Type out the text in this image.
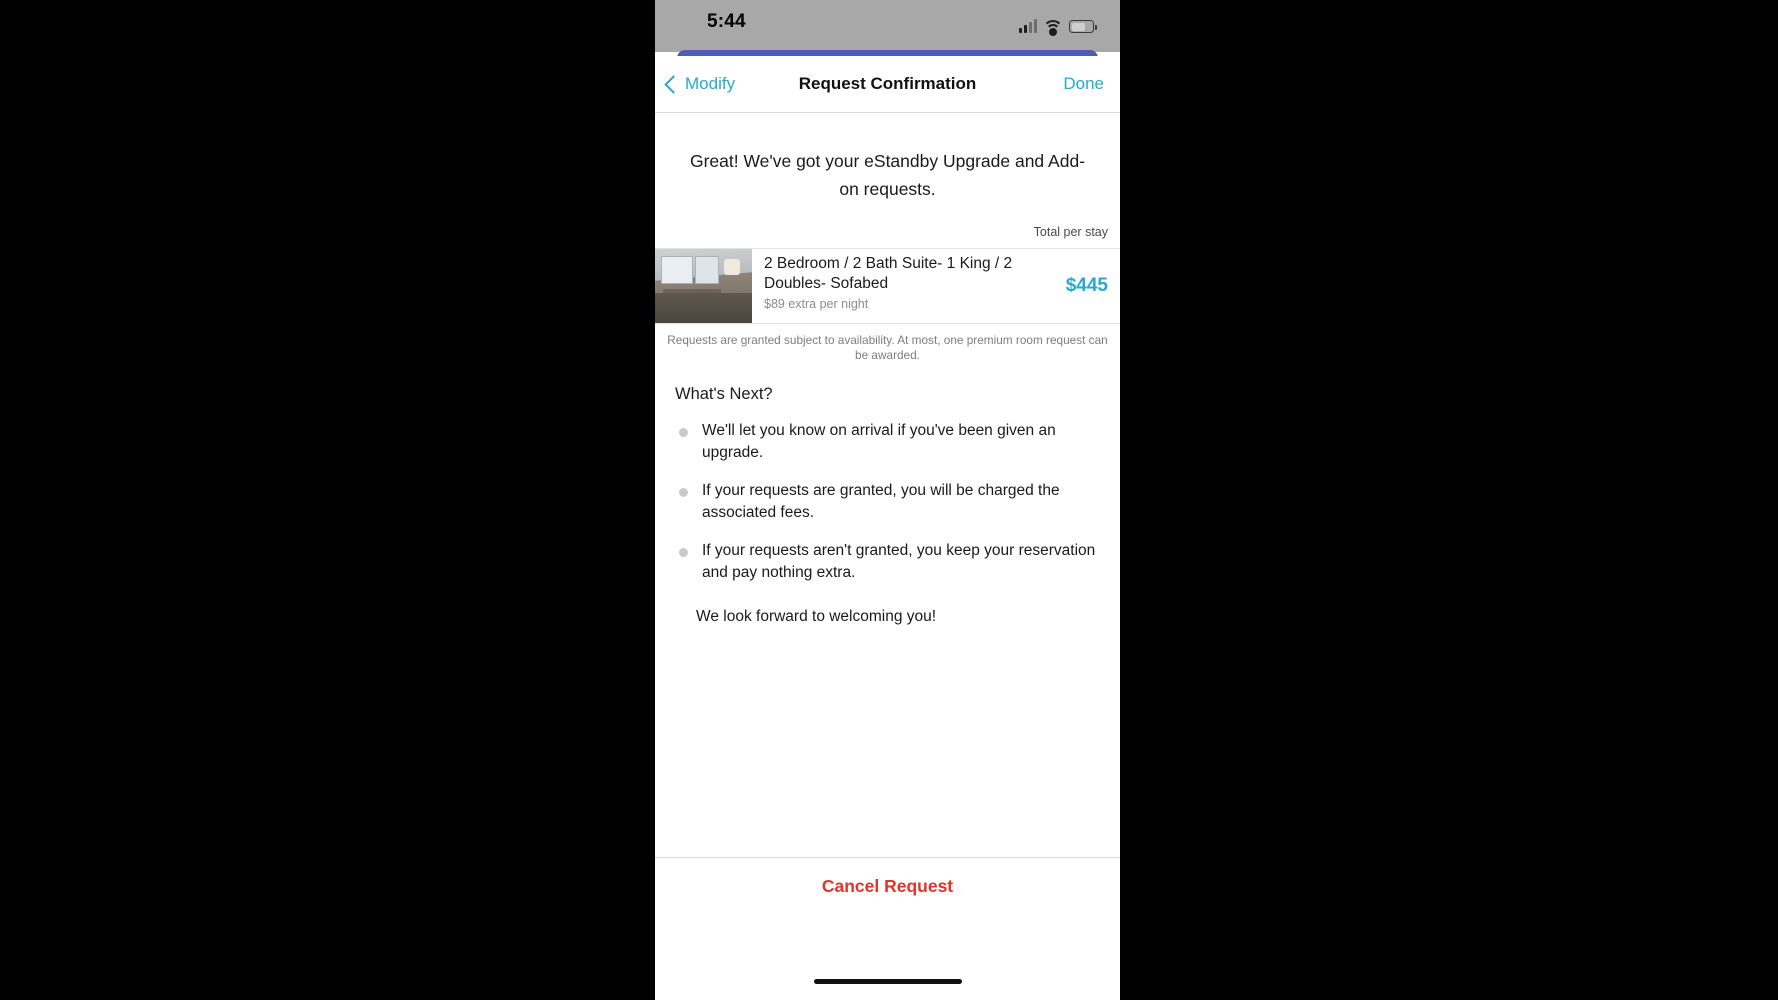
5:44
Modify	Request Confirmation	Done
Great! We've got your eStandby Upgrade and Add-on requests.
Total per stay
2 Bedroom / 2 Bath Suite- 1 King / 2 Doubles- Sofabed
$89 extra per night
$445
Requests are granted subject to availability. At most, one premium room request can be awarded.
What's Next?
We'll let you know on arrival if you've been given an upgrade.
If your requests are granted, you will be charged the associated fees.
If your requests aren't granted, you keep your reservation and pay nothing extra.
We look forward to welcoming you!
Cancel Request
